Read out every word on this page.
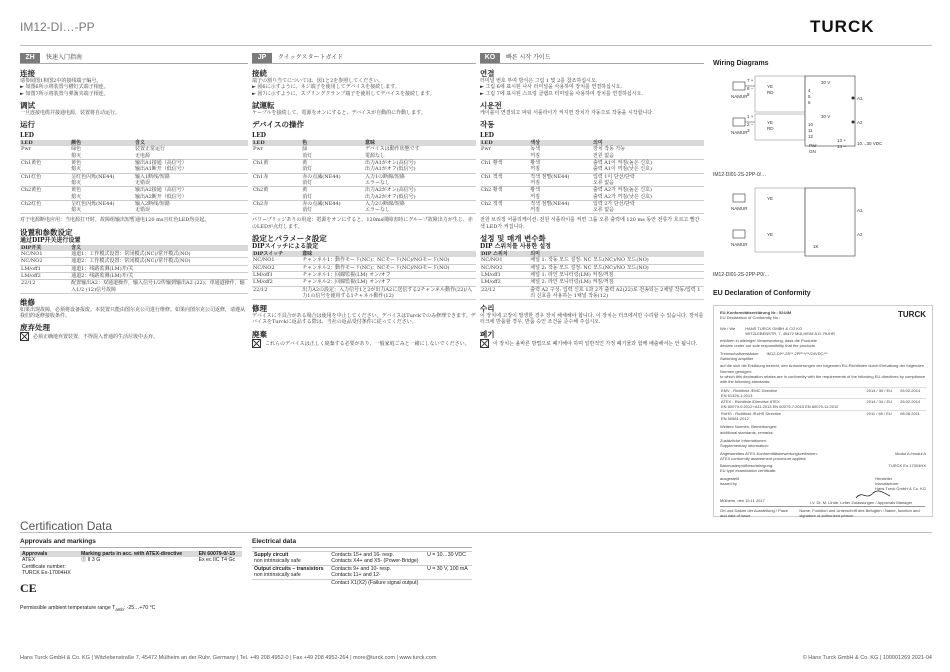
IM12-DI…-PP	TURCK
ZH	快速入门指南
连接

请参阅图1和图2中的接线端子编号。

► 如图6所示将装置与槽钉式端子相连。

► 如图7所示将装置与弹簧夹端子相连。

调试

一旦连接电缆并接通电源，装置将自动运行。

运行
LED
LED	颜色	含义
Pwr	绿色	装置正常运行
	熄灭	无电源
Ch1黄色	黄色	输出A1接通（高信号）
	熄灭	输出A1断开（低信号）
Ch1红色	呈红色闪烁(NE44)	输入1断线/短路
	熄灭	无错误
Ch2黄色	黄色	输出A2接通（高信号）
	熄灭	输出A2断开（低信号）
Ch2红色	呈红色闪烁(NE44)	输入2断线/短路
	熄灭	无错误

对于电源断电应用：当电源打开时，故障组输出短暂通电120 ms且红色LED均亮起。

设置和参数设定
通过DIP开关进行设置
DIP开关	含义
NC/NO1	通道1：工作模式设置：常闭模式(NC)/常开模式(NO)
NC/NO2	通道2：工作模式设置：常闭模式(NC)/常开模式(NO)
LM/off1	通道1：线路监测(LM)开/关
LM/off2	通道2：线路监测(LM)开/关
22/12	配置输出A2：双通道操作，输入信号1/2传输到输出A2 (22)；单通道操作，输入1/2 (12)信号故障
维修

如果出现故障，必须将设备报废。本装置只能由图尔克公司进行维修。如果向图尔克公司返修，请遵从我们的返修接收条件。

废弃处理

必须正确地弃置装置，不得混入普通的生活垃圾中丢弃。

JP	クイックスタートガイド
接続

端子の割り当てについては、図1と2を参照してください。

► 図6に示すように、ネジ端子を使用してデバイスを接続します。

► 図7に示すように、スプリングクランプ端子を使用してデバイスを接続します。

試運転

ケーブルを接続して、電源をオンにすると、デバイスが自動的に作動します。

デバイスの操作
LED
LED	色	意味
Pwr	緑	デバイスは動作状態です
	消灯	電源なし
Ch1黄	黄	出力A1がオン(高信号)
	消灯	出力A1がオフ(低信号)
Ch1赤	赤の点滅(NE44)	入力1の断線/短絡
	消灯	エラーなし
Ch2黄	黄	出力A2がオン(高信号)
	消灯	出力A2がオフ(低信号)
Ch2赤	赤の点滅(NE44)	入力2の断線/短絡
	消灯	エラーなし

パワーブリッジありの用途：電源をオンにすると、120ms間障害時にグループ故障出力が生じ、赤のLEDが点灯します。

設定とパラメータ設定
DIPスイッチによる設定
DIPスイッチ	意味
NC/NO1	チャンネル1：動作モード(NC)：NCモード(NC)/NOモード(NO)
NC/NO2	チャンネル2：動作モード(NC)：NCモード(NC)/NOモード(NO)
LM/off1	チャンネル1：回線監視(LM) オン/オフ
LM/off2	チャンネル2：回線監視(LM) オン/オフ
22/12	出力A2の設定：入力信号1と2が出力A2に送信する2チャンネル動作(22)/入力1の信号を使用する1チャネル動作(12)
修理

デバイスに不具合がある場合は使用を中止してください。デバイスはTurckでのみ修理できます。デバイスをTurckに返品する際は、当社の返品受付条件に従ってください。

廃棄

これらのデバイスは正しく廃棄する必要があり、一般家庭ごみと一緒にしないでください。

KO	빠른 시작 가이드
연결

터미널 번호 부여 방식은 그림 1 및 2를 참조하십시오.

► 그림 6에 표시된 나사 터미널을 사용하여 장치를 연결하십시오.

► 그림 7에 표시된 스프링 클램프 터미널을 사용하여 장치를 연결하십시오.

시운전

케이블이 연결되고 파워 서플라이가 켜지면 장치가 자동으로 작동을 시작합니다.

작동
LED
LED	색상	의미
Pwr	녹색	장치 작동 가능
	꺼짐	전원 없음
Ch1 황색	황색	출력 A1이 켜짐(높은 신호)
	꺼짐	출력 A1이 꺼짐(낮은 신호)
Ch1 적색	적색 점멸(NE44)	입력 1이 단선/단락
	꺼짐	오류 없음
Ch2 황색	황색	출력 A2가 켜짐(높은 신호)
	꺼짐	출력 A2가 꺼짐(낮은 신호)
Ch2 적색	적색 점멸(NE44)	입력 2가 단선/단락
	꺼짐	오류 없음

전원 브리징 어플리케이션: 전원 서플라이를 켜면 그룹 오류 출력에 120 ms 동안 전류가 흐르고 빨간색 LED가 켜집니다.

설정 및 매개 변수화
DIP 스위치를 사용한 설정
DIP 스위치	의미
NC/NO1	채널 1: 작동 모드 설정: NC 모드(NC)/NO 모드(NO)
NC/NO2	채널 2: 작동 모드 설정: NC 모드(NC)/NO 모드(NO)
LM/off1	채널 1: 라인 모니터링(LM) 켜짐/꺼짐
LM/off2	채널 2: 라인 모니터링(LM) 켜짐/꺼짐
22/12	출력 A2 구성: 입력 신호 1과 2가 출력 A2(22)로 전송되는 2채널 작동/입력 1의 신호를 사용하는 1채널 작동(12)
수리

이 장치에 고장이 발생한 경우 장치 해체해야 합니다. 이 장치는 터크에서만 수리할 수 있습니다. 장치를 터크에 반품할 경우, 반품 승인 조건을 준수해 주십시오.

폐기

이 장치는 올바른 방법으로 폐기해야 하며 일반적인 가정 폐기물과 함께 배출해서는 안 됩니다.

Wiring Diagrams
NAMUR
NAMUR
7 +
8 −
9
1 +
2 −
3
YE
RD
YE
RD
30 V
30 V
A1
A2
4
5
6
10
11
12
Pwr
GN
13 +
14 −
10…30 VDC
IM12-DI01-2S-2PP-0/…
NAMUR
NAMUR
YE
YE
A1
A2
1K
IM12-DI01-2S-2PP-P0/…
EU Declaration of Conformity
EU-Konformitätserklärung Nr.: 5244M
EU Declaration of Conformity No.:	TURCK
Wir / We	HANS TURCK GMBH & CO KG
WITZLEBENSTR. 7, 45472 MÜLHEIM A.D. RUHR
erklären in alleiniger Verantwortung, dass die Produkte
declare under our sole responsibility that the products
Trennschaltverstärker
Switching amplifier
IM12-DI**-2S**-2PP**/**/24VDC/**
auf die sich die Erklärung bezieht, den Anforderungen der folgenden EU-Richtlinien durch Einhaltung der folgenden Normen genügen:
to which this declaration relates are in conformity with the requirements of the following EU-directives by compliance with the following standards:
EMV - Richtlinie /EMC Directive	2014 / 30 / EU	26.02.2014
EN 61326-1:2013		
ATEX - Richtlinie /Directive ATEX	2014 / 34 / EU	26.02.2014
EN 60079-0:2012+A11:2013 EN 60079-7:2015 EN 60079-11:2012		
RoHS - Richtlinie /RoHS Directive	2011 / 65 / EU	08.06.2011
EN 50581:2012		
Weitere Normen, Bemerkungen:
additional standards, remarks:
Zusätzliche Informationen:
Supplementary information:
Angewandtes ATEX-Konformitätsbewertungsverfahren:
ATEX conformity assessment procedure applied:
Modul A /modul A
Baumusterprüfbescheinigung:
EU type examination certificate:
TURCK Ex-17004HX
ausgestellt
issued by
Hersteller
manufacturer
Hans Turck GmbH & Co. KG
Mülheim, den 15.11.2017	i.V. Dr. M. Linde, Leiter Zulassungen / Approvals Manager
Ort und Datum der Ausstellung / Place and date of issue
Name, Funktion und Unterschrift des Befugten / Name, function and signature of authorized person
Certification Data
Approvals and markings
Approvals	Marking parts in acc. with ATEX-directive	EN 60079-0/-15
ATEX	Ⓔ II 3 G	Ex ec IIC T4 Gc
Certificate number:		
TURCK Ex-17004HX		
CE
Permissible ambient temperature range $T_{amb}$: -25…+70 °C
Electrical data
Supply circuit	Contacts 15+ and 16- resp.	U = 10…30 VDC
non intrinsically safe	Contacts X4+ and X5- (Power-Bridge)	
Output circuits – transistors	Contacts 9+ and 10- resp.	U = 30 V, 100 mA
non intrinsically safe	Contacts 11+ and 12-	
	Contact X1(X2) (Failure signal output)	
Hans Turck GmbH & Co. KG | Witzlebenstraße 7, 45472 Mülheim an der Ruhr, Germany | Tel. +49 208 4952-0 | Fax +49 208 4952-264 | more@turck.com | www.turck.com	© Hans Turck GmbH & Co. KG | 100001269 2021-04
